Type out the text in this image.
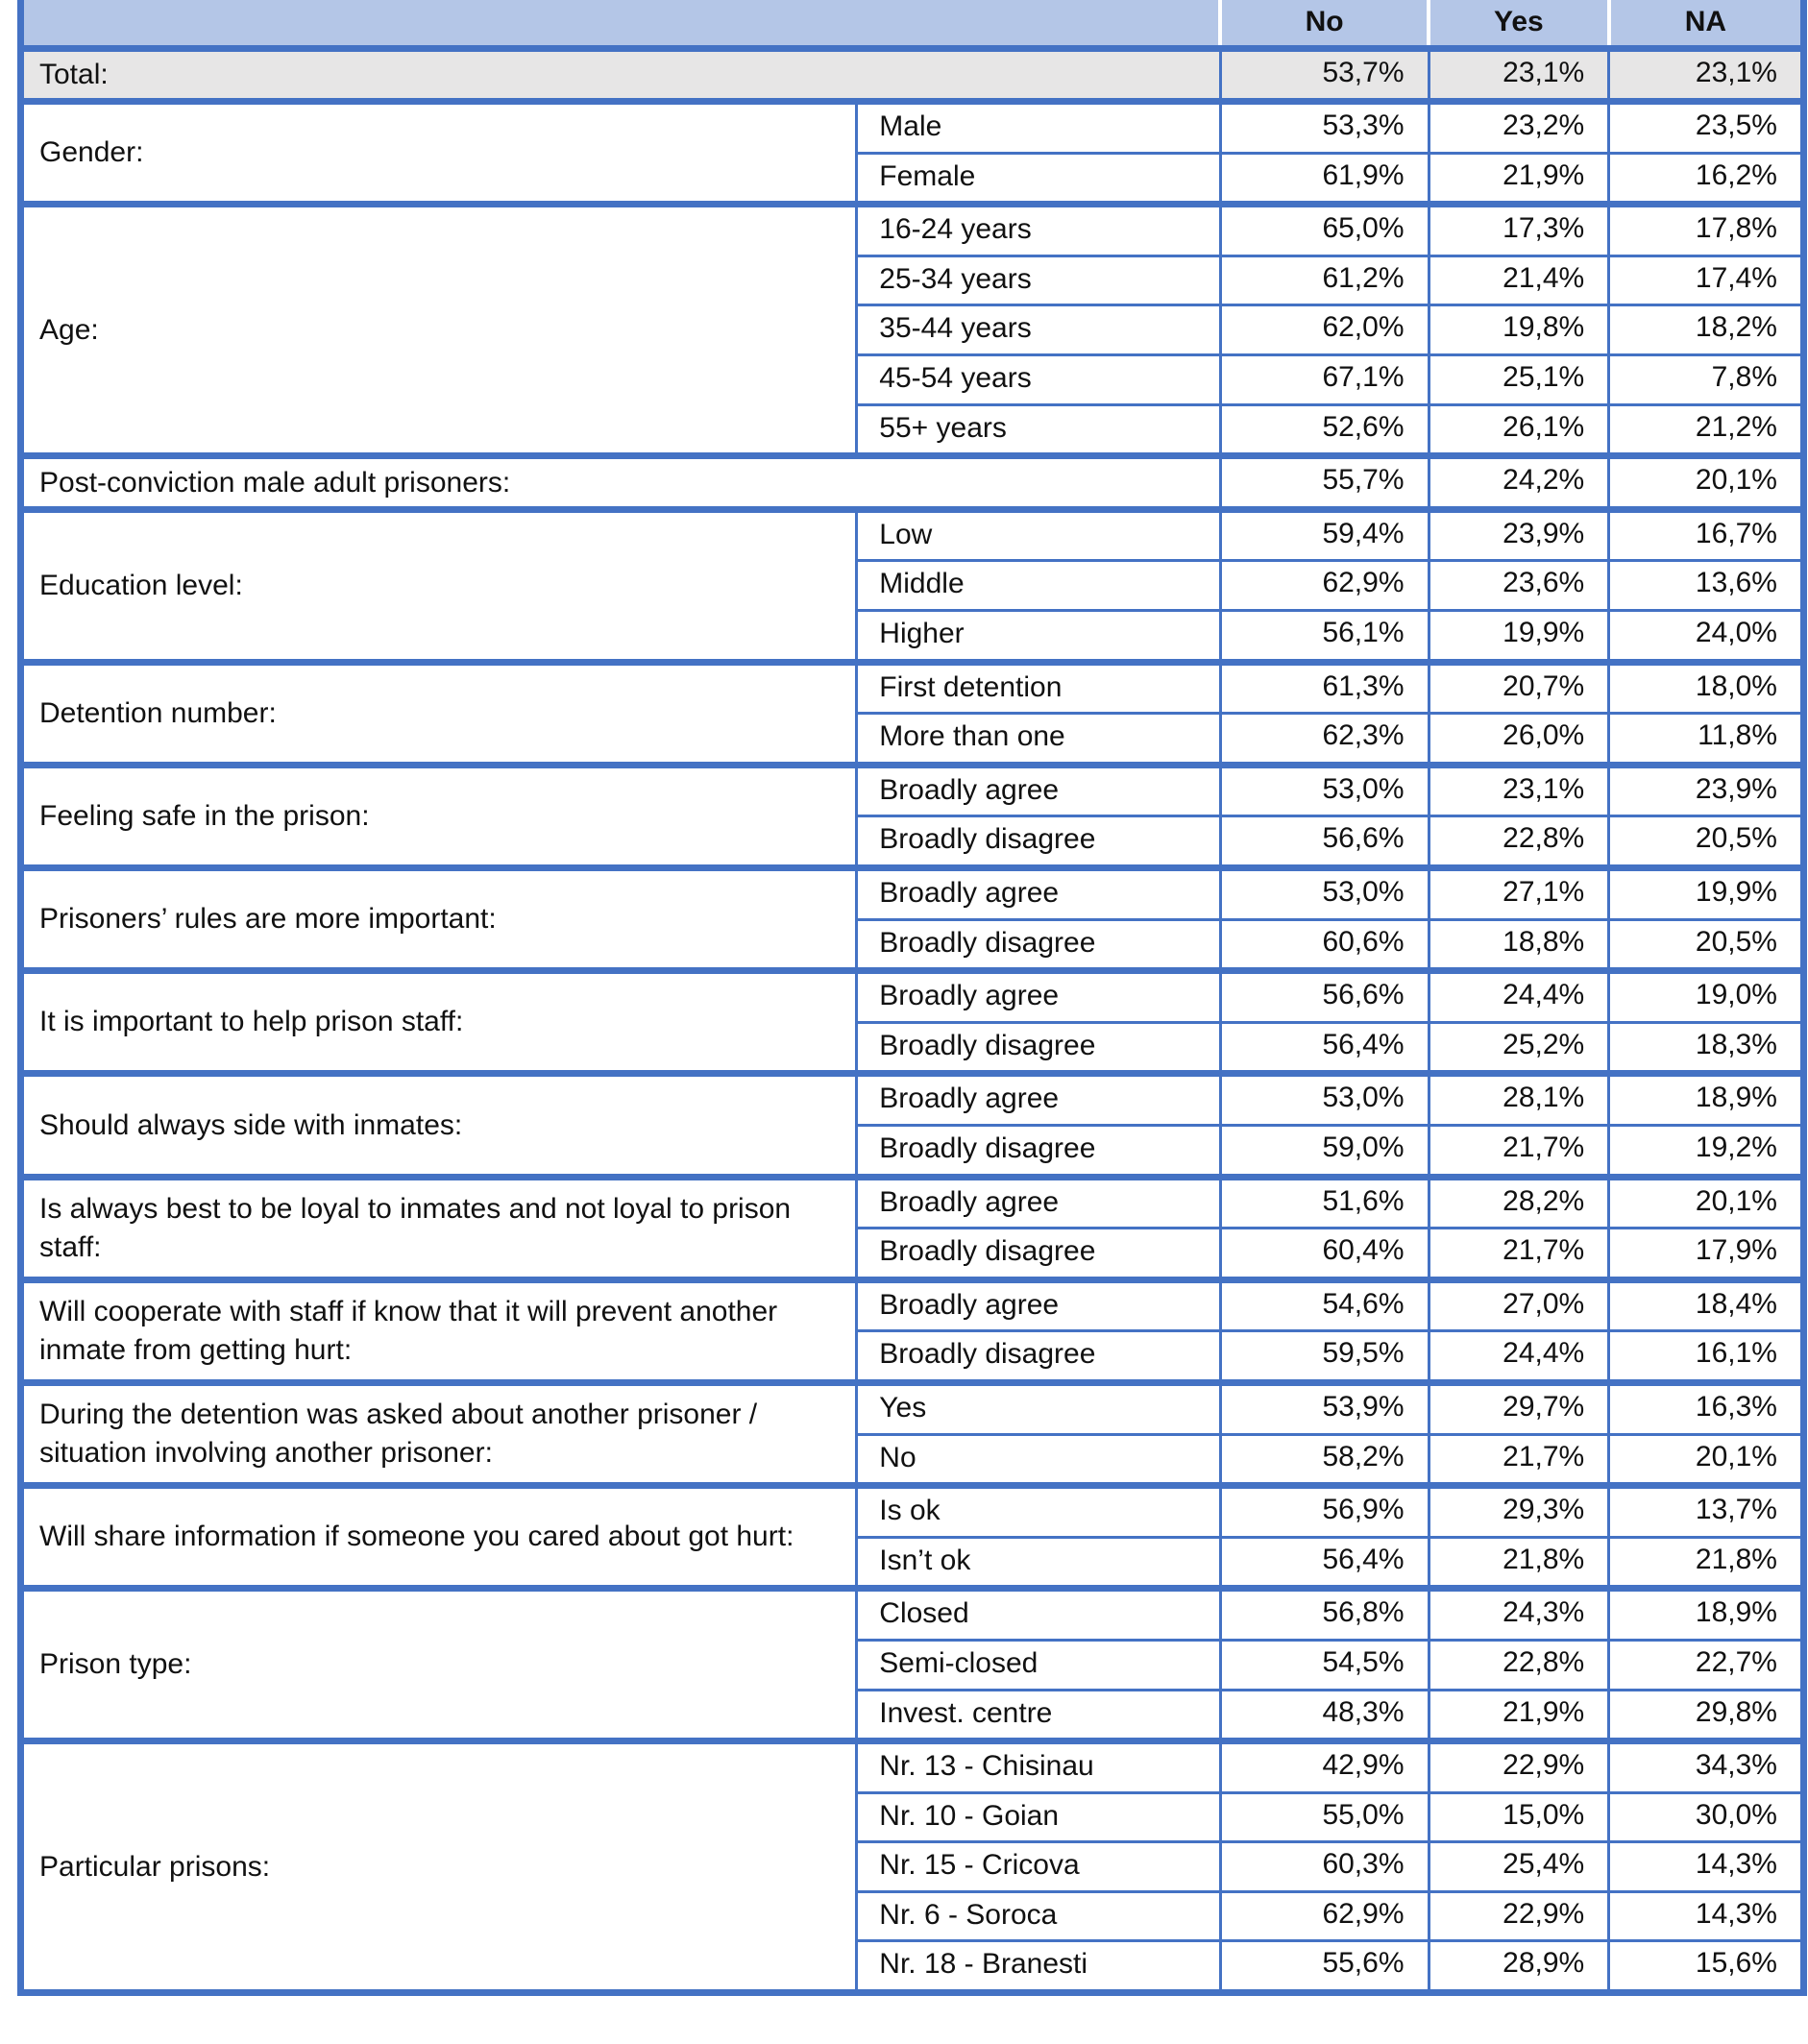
		No	Yes	NA
Total:		53,7%	23,1%	23,1%
Gender:	Male	53,3%	23,2%	23,5%
	Female	61,9%	21,9%	16,2%
Age:	16-24 years	65,0%	17,3%	17,8%
	25-34 years	61,2%	21,4%	17,4%
	35-44 years	62,0%	19,8%	18,2%
	45-54 years	67,1%	25,1%	7,8%
	55+ years	52,6%	26,1%	21,2%
Post-conviction male adult prisoners:		55,7%	24,2%	20,1%
Education level:	Low	59,4%	23,9%	16,7%
	Middle	62,9%	23,6%	13,6%
	Higher	56,1%	19,9%	24,0%
Detention number:	First detention	61,3%	20,7%	18,0%
	More than one	62,3%	26,0%	11,8%
Feeling safe in the prison:	Broadly agree	53,0%	23,1%	23,9%
	Broadly disagree	56,6%	22,8%	20,5%
Prisoners’ rules are more important:	Broadly agree	53,0%	27,1%	19,9%
	Broadly disagree	60,6%	18,8%	20,5%
It is important to help prison staff:	Broadly agree	56,6%	24,4%	19,0%
	Broadly disagree	56,4%	25,2%	18,3%
Should always side with inmates:	Broadly agree	53,0%	28,1%	18,9%
	Broadly disagree	59,0%	21,7%	19,2%
Is always best to be loyal to inmates and not loyal to prison staff:	Broadly agree	51,6%	28,2%	20,1%
	Broadly disagree	60,4%	21,7%	17,9%
Will cooperate with staff if know that it will prevent another inmate from getting hurt:	Broadly agree	54,6%	27,0%	18,4%
	Broadly disagree	59,5%	24,4%	16,1%
During the detention was asked about another prisoner / situation involving another prisoner:	Yes	53,9%	29,7%	16,3%
	No	58,2%	21,7%	20,1%
Will share information if someone you cared about got hurt:	Is ok	56,9%	29,3%	13,7%
	Isn’t ok	56,4%	21,8%	21,8%
Prison type:	Closed	56,8%	24,3%	18,9%
	Semi-closed	54,5%	22,8%	22,7%
	Invest. centre	48,3%	21,9%	29,8%
Particular prisons:	Nr. 13 - Chisinau	42,9%	22,9%	34,3%
	Nr. 10 - Goian	55,0%	15,0%	30,0%
	Nr. 15 - Cricova	60,3%	25,4%	14,3%
	Nr. 6 - Soroca	62,9%	22,9%	14,3%
	Nr. 18 - Branesti	55,6%	28,9%	15,6%
